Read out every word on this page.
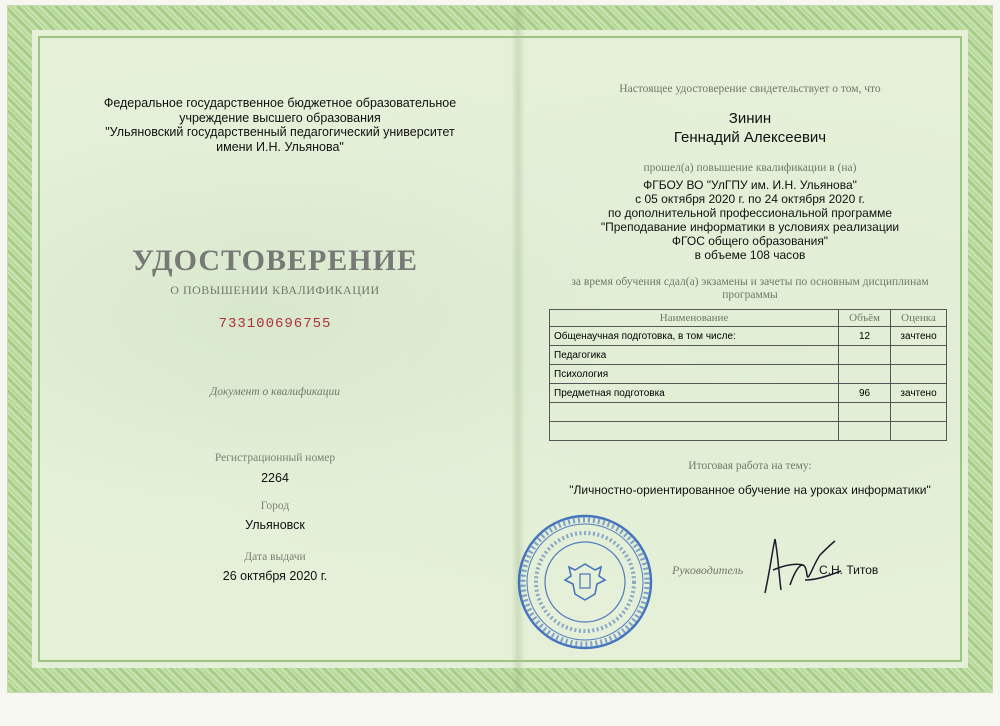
Федеральное государственное бюджетное образовательное
учреждение высшего образования
"Ульяновский государственный педагогический университет
имени И.Н. Ульянова"
УДОСТОВЕРЕНИЕ
О ПОВЫШЕНИИ КВАЛИФИКАЦИИ
733100696755
Документ о квалификации
Регистрационный номер
2264
Город
Ульяновск
Дата выдачи
26 октября 2020 г.
Настоящее удостоверение свидетельствует о том, что
Зинин
Геннадий Алексеевич
прошел(а) повышение квалификации в (на)
ФГБОУ ВО "УлГПУ им. И.Н. Ульянова"
с 05 октября 2020 г. по 24 октября 2020 г.
по дополнительной профессиональной программе
"Преподавание информатики в условиях реализации
ФГОС общего образования"
в объеме 108 часов
за время обучения сдал(а) экзамены и зачеты по основным дисциплинам
программы
Наименование	Объём	Оценка
Общенаучная подготовка, в том числе:	12	зачтено
Педагогика		
Психология		
Предметная подготовка	96	зачтено

Итоговая работа на тему:
"Личностно-ориентированное обучение на уроках информатики"
Руководитель	С.Н. Титов
